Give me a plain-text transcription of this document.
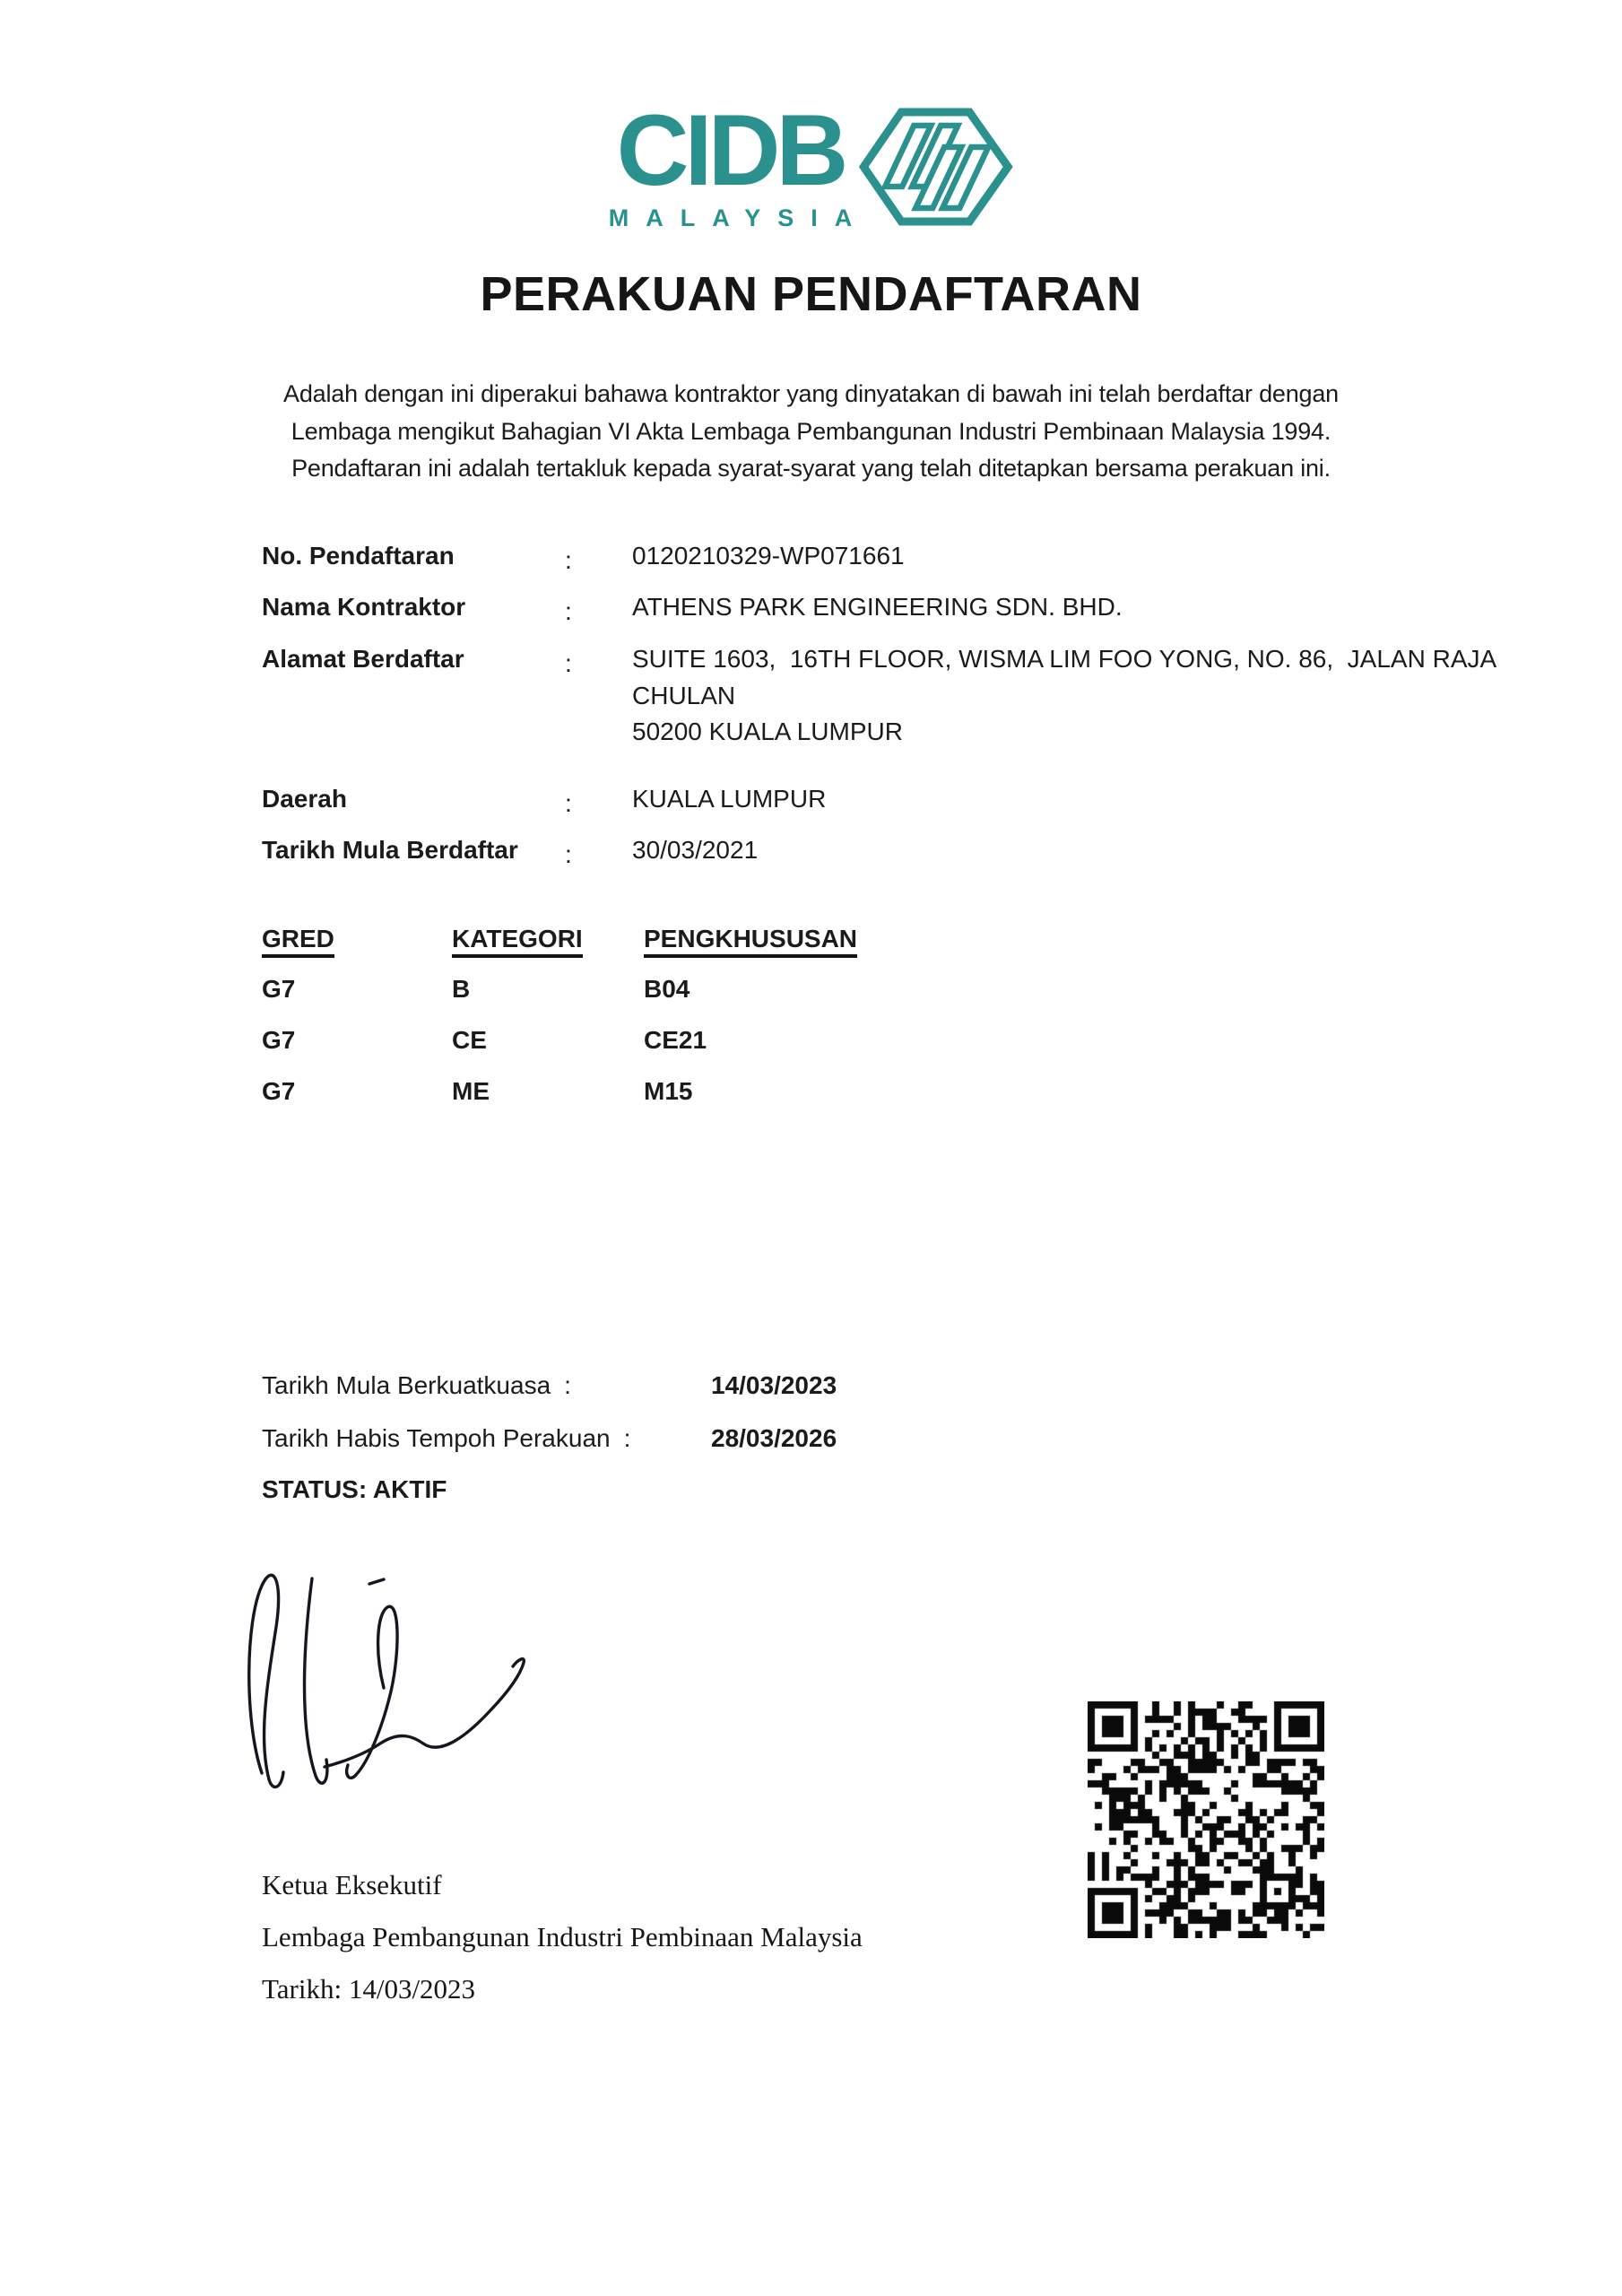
CIDB
MALAYSIA
PERAKUAN PENDAFTARAN
Adalah dengan ini diperakui bahawa kontraktor yang dinyatakan di bawah ini telah berdaftar dengan
Lembaga mengikut Bahagian VI Akta Lembaga Pembangunan Industri Pembinaan Malaysia 1994.
Pendaftaran ini adalah tertakluk kepada syarat-syarat yang telah ditetapkan bersama perakuan ini.
No. Pendaftaran	: 0120210329-WP071661
Nama Kontraktor	: ATHENS PARK ENGINEERING SDN. BHD.
Alamat Berdaftar	: SUITE 1603,  16TH FLOOR, WISMA LIM FOO YONG, NO. 86,  JALAN RAJA
CHULAN
50200 KUALA LUMPUR
Daerah	: KUALA LUMPUR
Tarikh Mula Berdaftar : 30/03/2021
GRED	KATEGORI PENGKHUSUSAN
G7	B	B04
G7	CE	CE21
G7	ME	M15
Tarikh Mula Berkuatkuasa :	14/03/2023
Tarikh Habis Tempoh Perakuan :	28/03/2026
STATUS: AKTIF
Ketua Eksekutif
Lembaga Pembangunan Industri Pembinaan Malaysia
Tarikh: 14/03/2023
